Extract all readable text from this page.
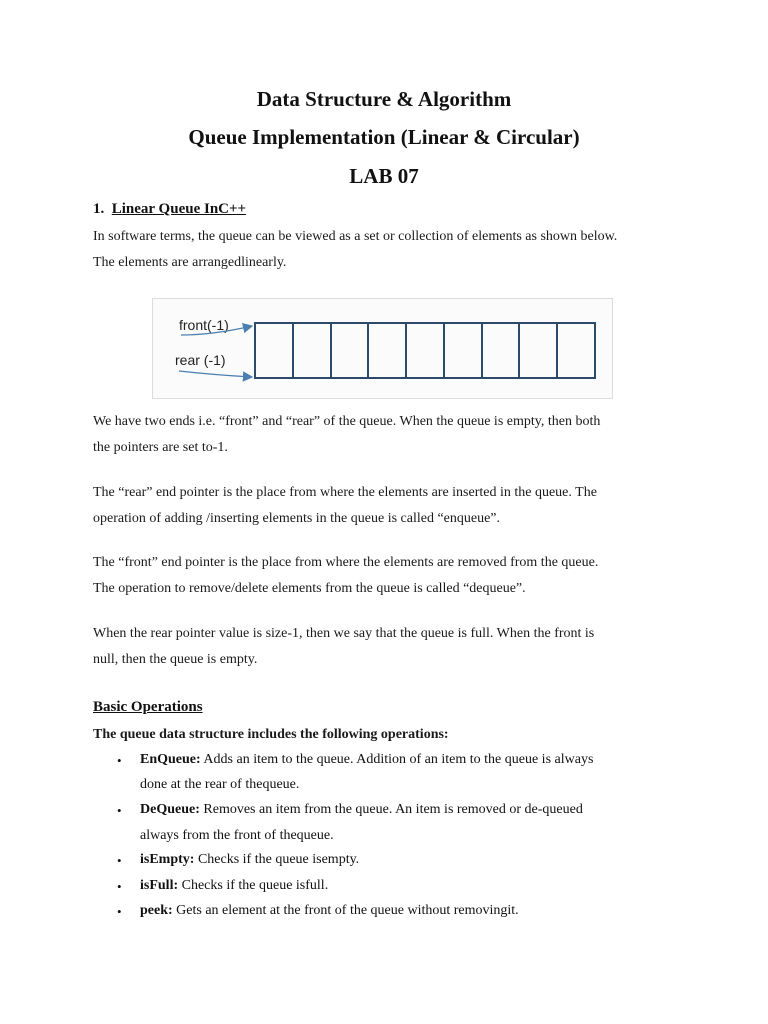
Data Structure & Algorithm
Queue Implementation (Linear & Circular)
LAB 07
1. Linear Queue InC++
In software terms, the queue can be viewed as a set or collection of elements as shown below.
The elements are arrangedlinearly.
front(-1)
rear (-1)
We have two ends i.e. “front” and “rear” of the queue. When the queue is empty, then both
the pointers are set to-1.
The “rear” end pointer is the place from where the elements are inserted in the queue. The
operation of adding /inserting elements in the queue is called “enqueue”.
The “front” end pointer is the place from where the elements are removed from the queue.
The operation to remove/delete elements from the queue is called “dequeue”.
When the rear pointer value is size-1, then we say that the queue is full. When the front is
null, then the queue is empty.
Basic Operations
The queue data structure includes the following operations:
• EnQueue: Adds an item to the queue. Addition of an item to the queue is always
done at the rear of thequeue.
• DeQueue: Removes an item from the queue. An item is removed or de-queued
always from the front of thequeue.
• isEmpty: Checks if the queue isempty.
• isFull: Checks if the queue isfull.
• peek: Gets an element at the front of the queue without removingit.
